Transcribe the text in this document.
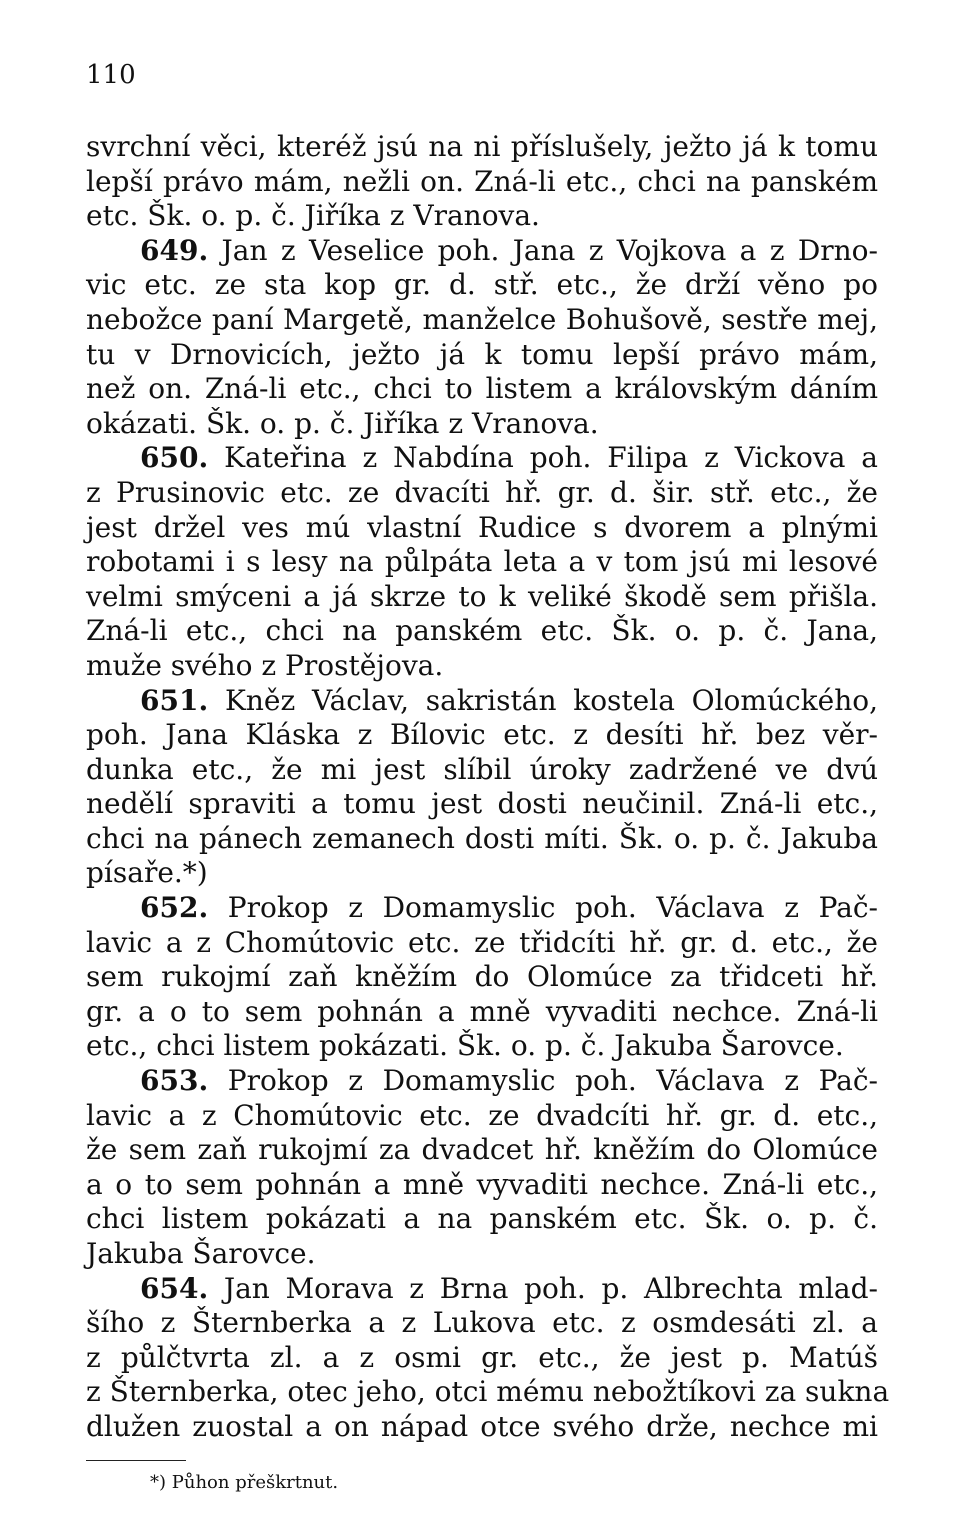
110
svrchní věci, kteréž jsú na ni příslušely, ježto já k tomu
lepší právo mám, nežli on. Zná-li etc., chci na panském
etc. Šk. o. p. č. Jiříka z Vranova.
649. Jan z Veselice poh. Jana z Vojkova a z Drno-
vic etc. ze sta kop gr. d. stř. etc., že drží věno po
nebožce paní Margetě, manželce Bohušově, sestře mej,
tu v Drnovicích, ježto já k tomu lepší právo mám,
než on. Zná-li etc., chci to listem a královským dáním
okázati. Šk. o. p. č. Jiříka z Vranova.
650. Kateřina z Nabdína poh. Filipa z Vickova a
z Prusinovic etc. ze dvacíti hř. gr. d. šir. stř. etc., že
jest držel ves mú vlastní Rudice s dvorem a plnými
robotami i s lesy na půlpáta leta a v tom jsú mi lesové
velmi smýceni a já skrze to k veliké škodě sem přišla.
Zná-li etc., chci na panském etc. Šk. o. p. č. Jana,
muže svého z Prostějova.
651. Kněz Václav, sakristán kostela Olomúckého,
poh. Jana Kláska z Bílovic etc. z desíti hř. bez věr-
dunka etc., že mi jest slíbil úroky zadržené ve dvú
nedělí spraviti a tomu jest dosti neučinil. Zná-li etc.,
chci na pánech zemanech dosti míti. Šk. o. p. č. Jakuba
písaře.*)
652. Prokop z Domamyslic poh. Václava z Pač-
lavic a z Chomútovic etc. ze třidcíti hř. gr. d. etc., že
sem rukojmí zaň kněžím do Olomúce za třidceti hř.
gr. a o to sem pohnán a mně vyvaditi nechce. Zná-li
etc., chci listem pokázati. Šk. o. p. č. Jakuba Šarovce.
653. Prokop z Domamyslic poh. Václava z Pač-
lavic a z Chomútovic etc. ze dvadcíti hř. gr. d. etc.,
že sem zaň rukojmí za dvadcet hř. kněžím do Olomúce
a o to sem pohnán a mně vyvaditi nechce. Zná-li etc.,
chci listem pokázati a na panském etc. Šk. o. p. č.
Jakuba Šarovce.
654. Jan Morava z Brna poh. p. Albrechta mlad-
šího z Šternberka a z Lukova etc. z osmdesáti zl. a
z půlčtvrta zl. a z osmi gr. etc., že jest p. Matúš
z Šternberka, otec jeho, otci mému nebožtíkovi za sukna
dlužen zuostal a on nápad otce svého drže, nechce mi
*) Půhon přeškrtnut.
